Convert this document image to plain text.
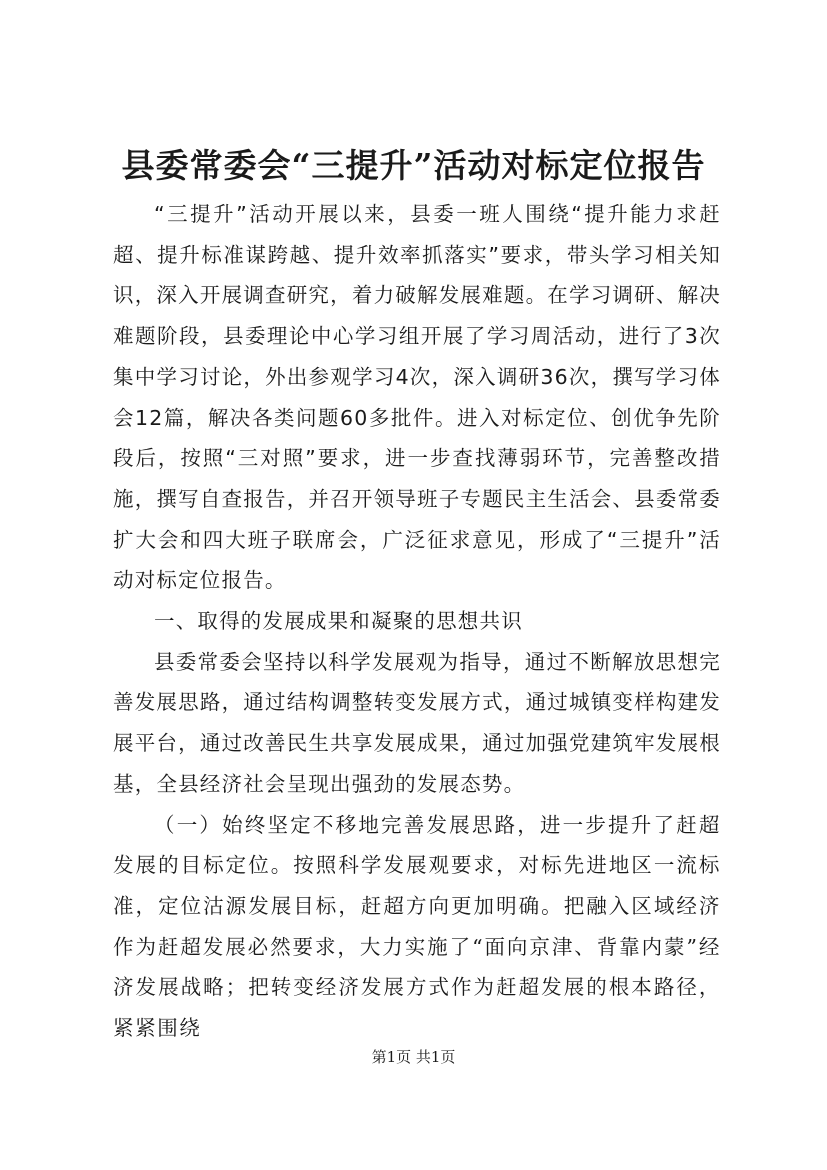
县委常委会“三提升”活动对标定位报告

“三提升”活动开展以来，县委一班人围绕“提升能力求赶超、提升标准谋跨越、提升效率抓落实”要求，带头学习相关知识，深入开展调查研究，着力破解发展难题。在学习调研、解决难题阶段，县委理论中心学习组开展了学习周活动，进行了3次集中学习讨论，外出参观学习4次，深入调研36次，撰写学习体会12篇，解决各类问题60多批件。进入对标定位、创优争先阶段后，按照“三对照”要求，进一步查找薄弱环节，完善整改措施，撰写自查报告，并召开领导班子专题民主生活会、县委常委扩大会和四大班子联席会，广泛征求意见，形成了“三提升”活动对标定位报告。

一、取得的发展成果和凝聚的思想共识

县委常委会坚持以科学发展观为指导，通过不断解放思想完善发展思路，通过结构调整转变发展方式，通过城镇变样构建发展平台，通过改善民生共享发展成果，通过加强党建筑牢发展根基，全县经济社会呈现出强劲的发展态势。

（一）始终坚定不移地完善发展思路，进一步提升了赶超发展的目标定位。按照科学发展观要求，对标先进地区一流标准，定位沽源发展目标，赶超方向更加明确。把融入区域经济作为赶超发展必然要求，大力实施了“面向京津、背靠内蒙”经济发展战略；把转变经济发展方式作为赶超发展的根本路径，紧紧围绕

第1页 共1页
